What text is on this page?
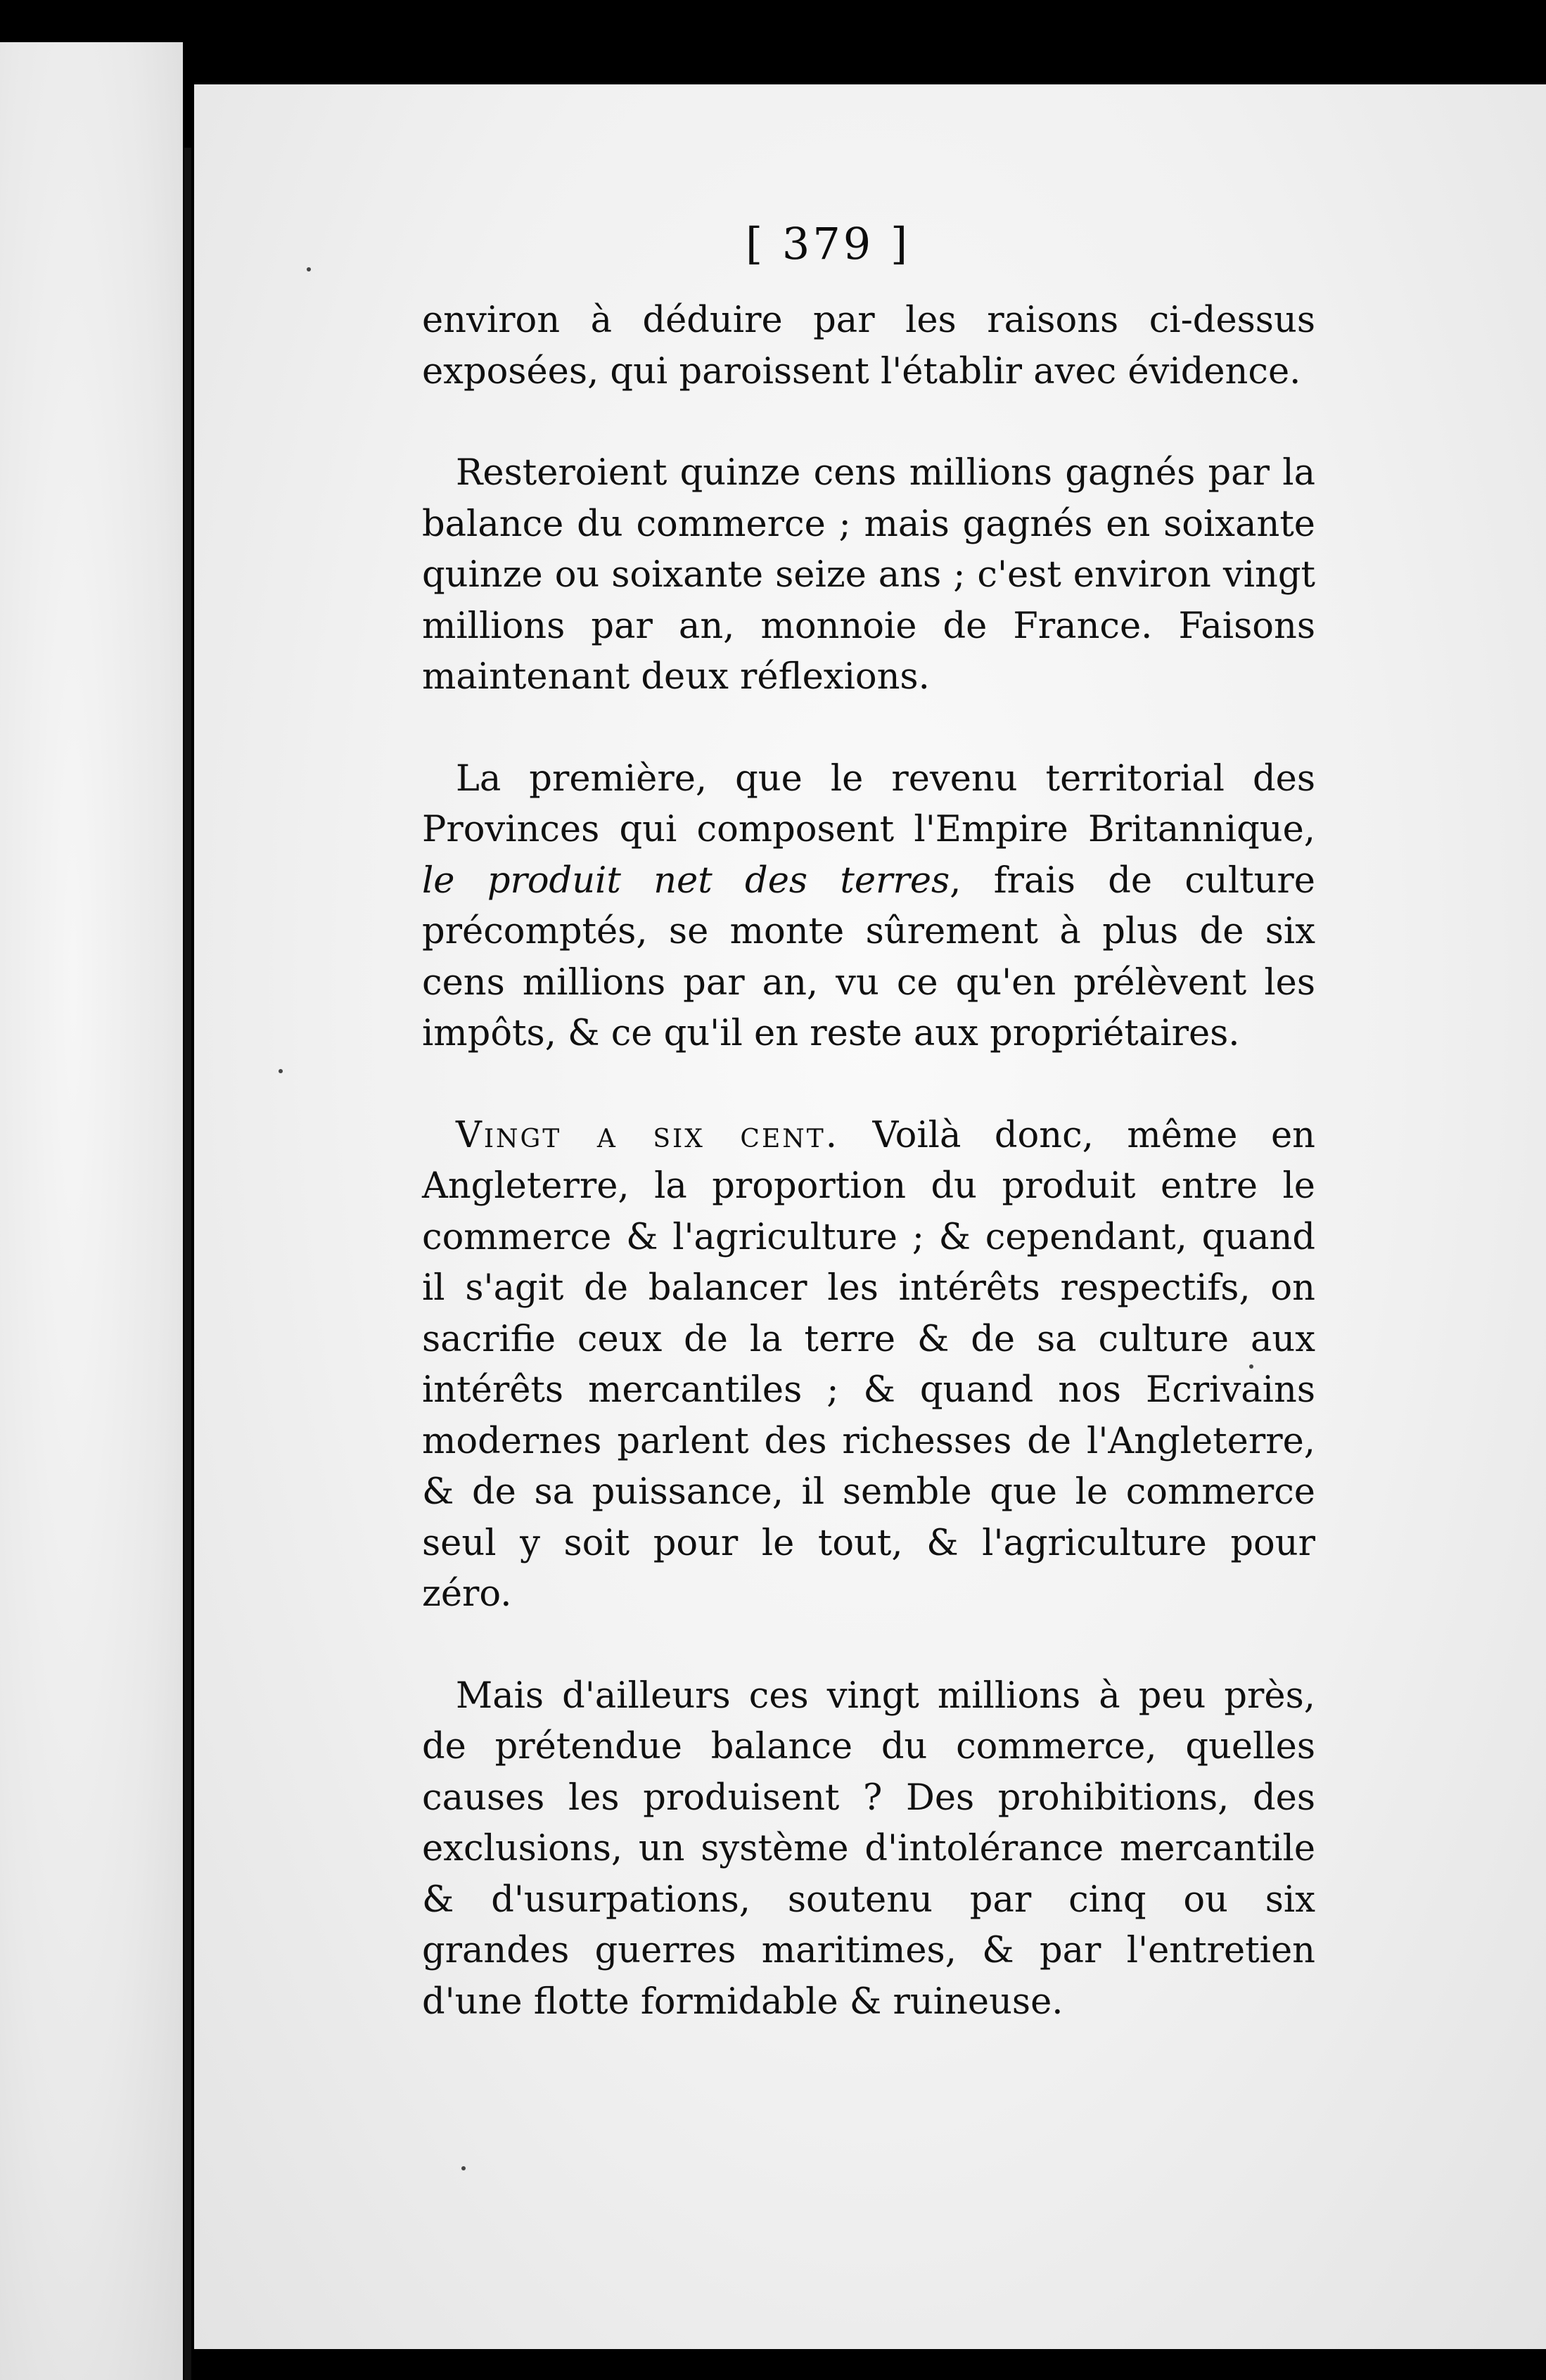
[ 379 ]

environ à déduire par les raisons ci-dessus exposées, qui paroissent l'établir avec évidence.

Resteroient quinze cens millions gagnés par la balance du commerce ; mais gagnés en soixante quinze ou soixante seize ans ; c'est environ vingt millions par an, monnoie de France. Faisons maintenant deux réflexions.

La première, que le revenu territorial des Provinces qui composent l'Empire Britannique, le produit net des terres, frais de culture précomptés, se monte sûrement à plus de six cens millions par an, vu ce qu'en prélèvent les impôts, & ce qu'il en reste aux propriétaires.

Vingt a six cent. Voilà donc, même en Angleterre, la proportion du produit entre le commerce & l'agriculture ; & cependant, quand il s'agit de balancer les intérêts respectifs, on sacrifie ceux de la terre & de sa culture aux intérêts mercantiles ; & quand nos Ecrivains modernes parlent des richesses de l'Angleterre, & de sa puissance, il semble que le commerce seul y soit pour le tout, & l'agriculture pour zéro.

Mais d'ailleurs ces vingt millions à peu près, de prétendue balance du commerce, quelles causes les produisent ? Des prohibitions, des exclusions, un système d'intolérance mercantile & d'usurpations, soutenu par cinq ou six grandes guerres maritimes, & par l'entretien d'une flotte formidable & ruineuse.
